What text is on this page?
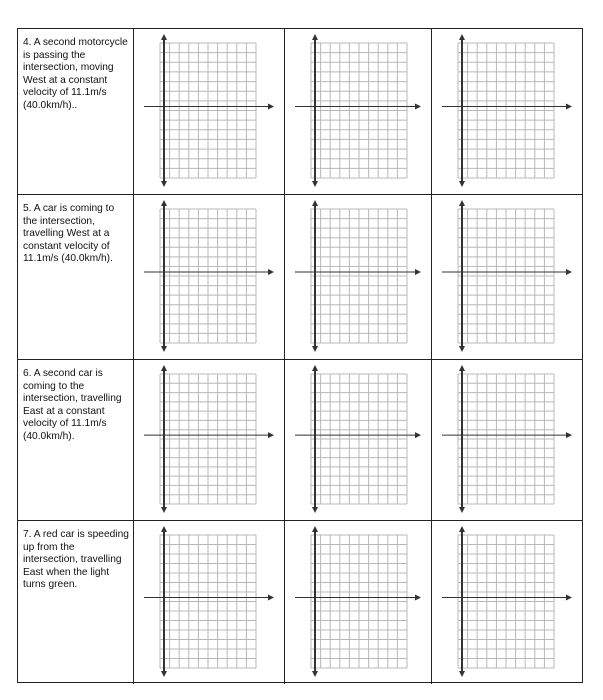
4. A second motorcycle is passing the intersection, moving West at a constant velocity of 11.1m/s (40.0km/h)..
5. A car is coming to the intersection, travelling West at a constant velocity of 11.1m/s (40.0km/h).
6. A second car is coming to the intersection, travelling East at a constant velocity of 11.1m/s (40.0km/h).
7. A red car is speeding up from the intersection, travelling East when the light turns green.
